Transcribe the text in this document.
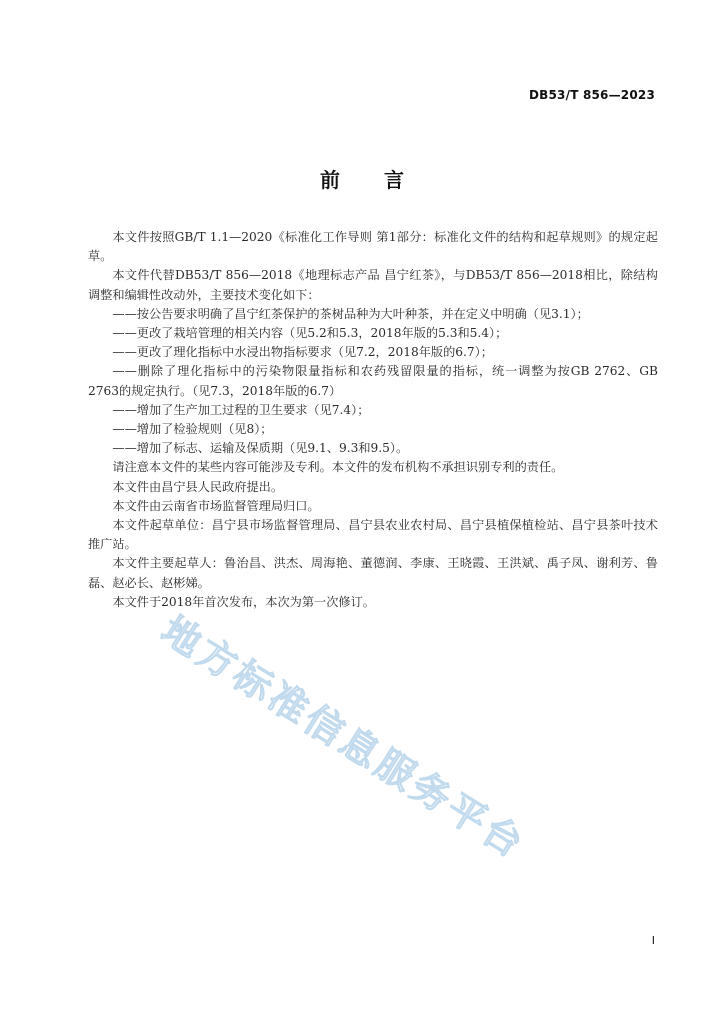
DB53/T 856—2023
前 言

本文件按照GB/T 1.1—2020《标准化工作导则 第1部分：标准化文件的结构和起草规则》的规定起草。

本文件代替DB53/T 856—2018《地理标志产品 昌宁红茶》，与DB53/T 856—2018相比，除结构调整和编辑性改动外，主要技术变化如下：

——按公告要求明确了昌宁红茶保护的茶树品种为大叶种茶，并在定义中明确（见3.1）；

——更改了栽培管理的相关内容（见5.2和5.3，2018年版的5.3和5.4）；

——更改了理化指标中水浸出物指标要求（见7.2，2018年版的6.7）；

——删除了理化指标中的污染物限量指标和农药残留限量的指标，统一调整为按GB 2762、GB 2763的规定执行。（见7.3，2018年版的6.7）

——增加了生产加工过程的卫生要求（见7.4）；

——增加了检验规则（见8）；

——增加了标志、运输及保质期（见9.1、9.3和9.5）。

请注意本文件的某些内容可能涉及专利。本文件的发布机构不承担识别专利的责任。

本文件由昌宁县人民政府提出。

本文件由云南省市场监督管理局归口。

本文件起草单位：昌宁县市场监督管理局、昌宁县农业农村局、昌宁县植保植检站、昌宁县茶叶技术推广站。

本文件主要起草人：鲁治昌、洪杰、周海艳、董德润、李康、王晓霞、王洪斌、禹子凤、谢利芳、鲁磊、赵必长、赵彬娣。

本文件于2018年首次发布，本次为第一次修订。

地方标准信息服务平台
I
